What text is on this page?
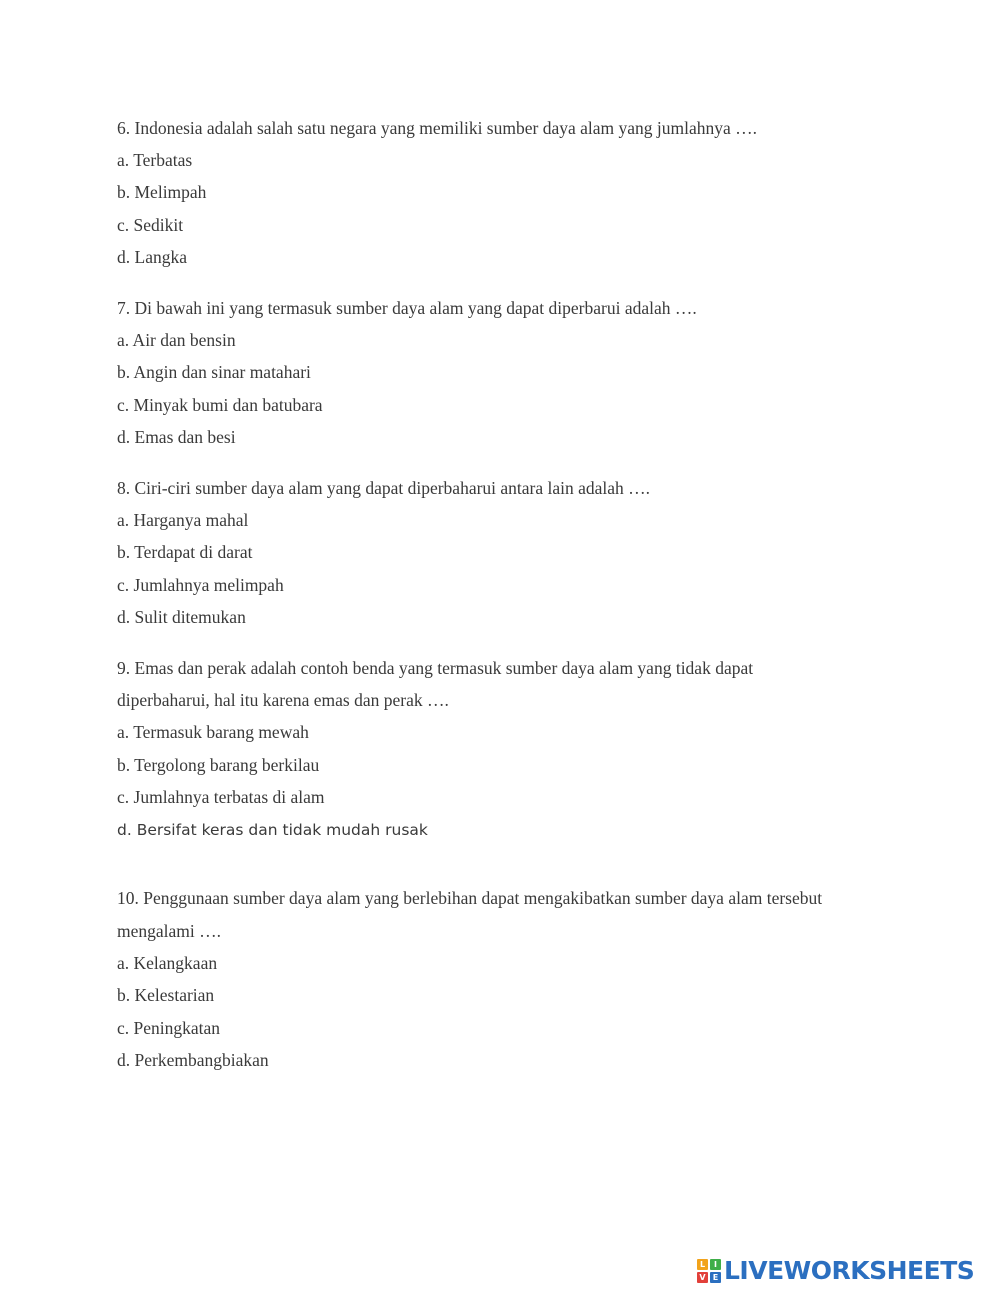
6. Indonesia adalah salah satu negara yang memiliki sumber daya alam yang jumlahnya ….
a. Terbatas
b. Melimpah
c. Sedikit
d. Langka
7. Di bawah ini yang termasuk sumber daya alam yang dapat diperbarui adalah ….
a. Air dan bensin
b. Angin dan sinar matahari
c. Minyak bumi dan batubara
d. Emas dan besi
8. Ciri-ciri sumber daya alam yang dapat diperbaharui antara lain adalah ….
a. Harganya mahal
b. Terdapat di darat
c. Jumlahnya melimpah
d. Sulit ditemukan
9. Emas dan perak adalah contoh benda yang termasuk sumber daya alam yang tidak dapat
diperbaharui, hal itu karena emas dan perak ….
a. Termasuk barang mewah
b. Tergolong barang berkilau
c. Jumlahnya terbatas di alam
d. Bersifat keras dan tidak mudah rusak
10. Penggunaan sumber daya alam yang berlebihan dapat mengakibatkan sumber daya alam tersebut
mengalami ….
a. Kelangkaan
b. Kelestarian
c. Peningkatan
d. Perkembangbiakan
L	I
V E LIVEWORKSHEETS
